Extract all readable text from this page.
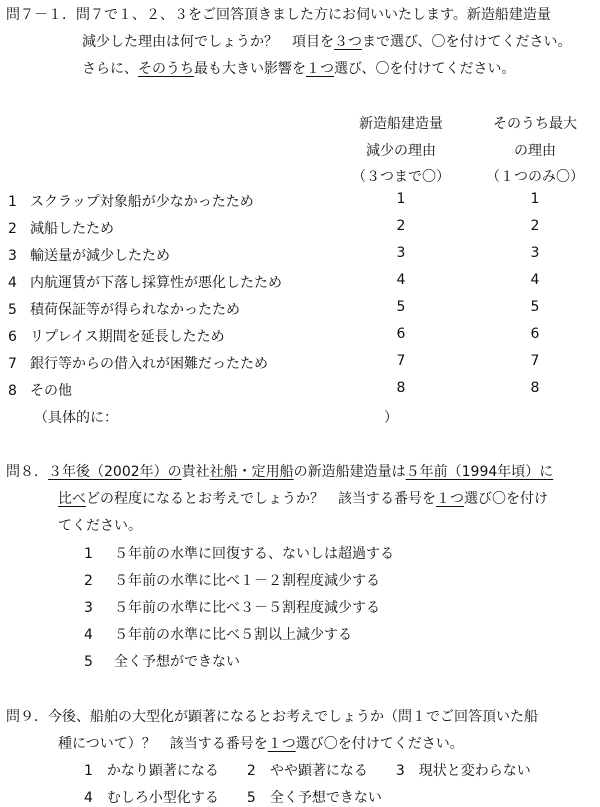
問７－１．問７で１、２、３をご回答頂きました方にお伺いいたします。新造船建造量
減少した理由は何でしょうか？　項目を３つまで選び、〇を付けてください。
さらに、そのうち最も大きい影響を１つ選び、〇を付けてください。
新造船建造量
減少の理由
（３つまで〇）
そのうち最大
の理由
（１つのみ〇）
1 スクラップ対象船が少なかったため	1	1
2 減船したため	2	2
3 輸送量が減少したため	3	3
4 内航運賃が下落し採算性が悪化したため	4	4
5 積荷保証等が得られなかったため	5	5
6 リプレイス期間を延長したため	6	6
7 銀行等からの借入れが困難だったため	7	7
8 その他	8	8
（具体的に：	）
問８．３年後（2002年）の貴社社船・定用船の新造船建造量は５年前（1994年頃）に
比べどの程度になるとお考えでしょうか？　該当する番号を１つ選び〇を付け
てください。
1 ５年前の水準に回復する、ないしは超過する
2 ５年前の水準に比べ１－２割程度減少する
3 ５年前の水準に比べ３－５割程度減少する
4 ５年前の水準に比べ５割以上減少する
5 全く予想ができない
問９．今後、船舶の大型化が顕著になるとお考えでしょうか（問１でご回答頂いた船
種について）？　該当する番号を１つ選び〇を付けてください。
1　 かなり顕著になる　　 2　 やや顕著になる　　 3　 現状と変わらない
4　 むしろ小型化する　　 5　 全く予想できない
